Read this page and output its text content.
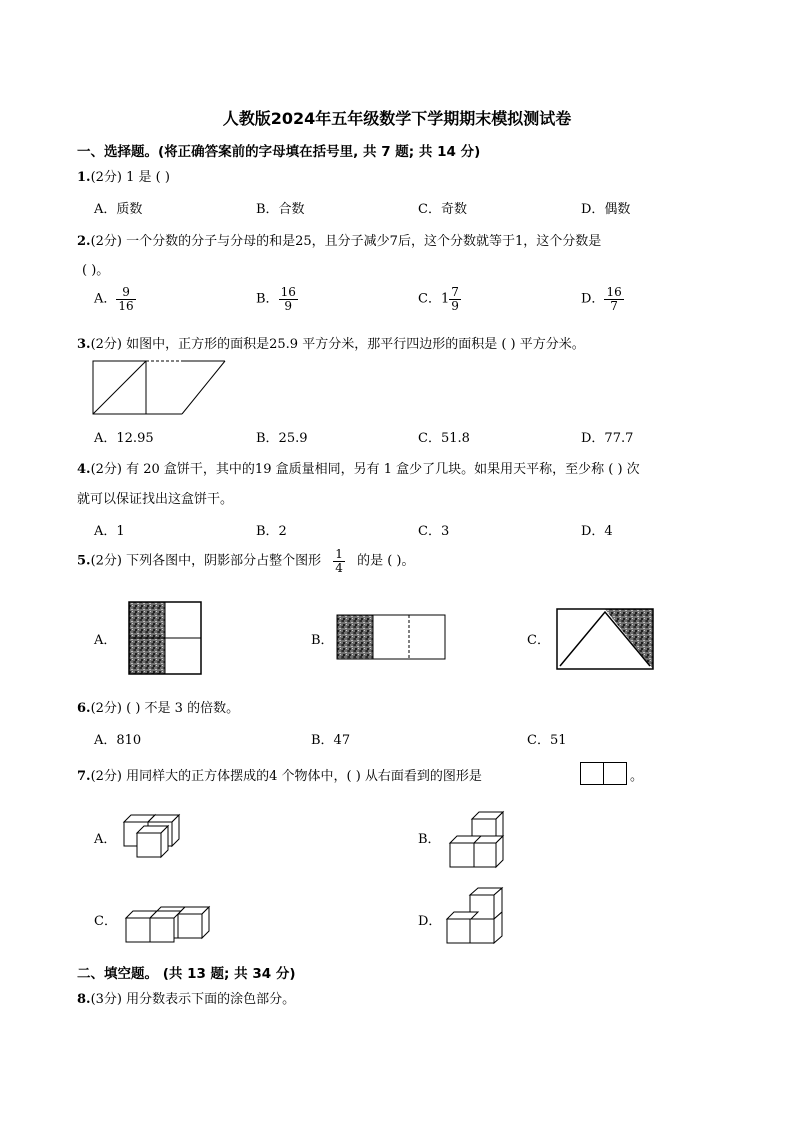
人教版2024年五年级数学下学期期末模拟测试卷
一、选择题。(将正确答案前的字母填在括号里, 共 7 题; 共 14 分)
1.(2分) 1 是 ( )
A．质数	B．合数	C．奇数	D．偶数
2.(2分) 一个分数的分子与分母的和是25，且分子减少7后，这个分数就等于1，这个分数是
( )。
A． $\frac{9}{16}$	B． $\frac{16}{9}$	C．$1 \frac{7}{9}$	D． $\frac{16}{7}$
3.(2分) 如图中，正方形的面积是25.9 平方分米，那平行四边形的面积是 ( ) 平方分米。
A．12.95	B．25.9	C．51.8	D．77.7
4.(2分) 有 20 盒饼干，其中的19 盒质量相同，另有 1 盒少了几块。如果用天平称，至少称 ( ) 次
就可以保证找出这盒饼干。
A．1	B．2	C．3	D．4
5.(2分) 下列各图中，阴影部分占整个图形 $\frac{1}{4}$ 的是 ( )。
A．	B．	C．
6.(2分) ( ) 不是 3 的倍数。
A．810	B．47	C．51
7.(2分) 用同样大的正方体摆成的4 个物体中，( ) 从右面看到的图形是	。
A．	B．
C．	D．
二、填空题。 (共 13 题; 共 34 分)
8.(3分) 用分数表示下面的涂色部分。
